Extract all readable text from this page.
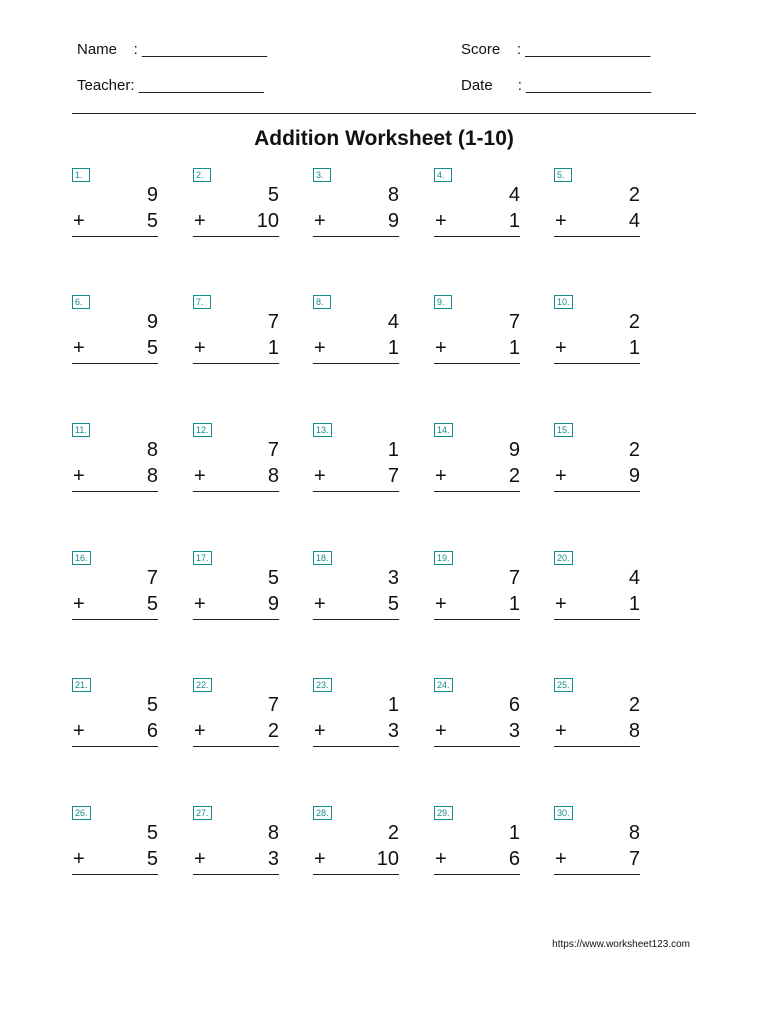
Name    : _______________
Teacher: _______________
Score    : _______________
Date      : _______________
Addition Worksheet (1-10)
1.
9
+	5
2.
5
+	10
3.
8
+	9
4.
4
+	1
5.
2
+	4
6.
9
+	5
7.
7
+	1
8.
4
+	1
9.
7
+	1
10.
2
+	1
11.
8
+	8
12.
7
+	8
13.
1
+	7
14.
9
+	2
15.
2
+	9
16.
7
+	5
17.
5
+	9
18.
3
+	5
19.
7
+	1
20.
4
+	1
21.
5
+	6
22.
7
+	2
23.
1
+	3
24.
6
+	3
25.
2
+	8
26.
5
+	5
27.
8
+	3
28.
2
+	10
29.
1
+	6
30.
8
+	7
https://www.worksheet123.com
